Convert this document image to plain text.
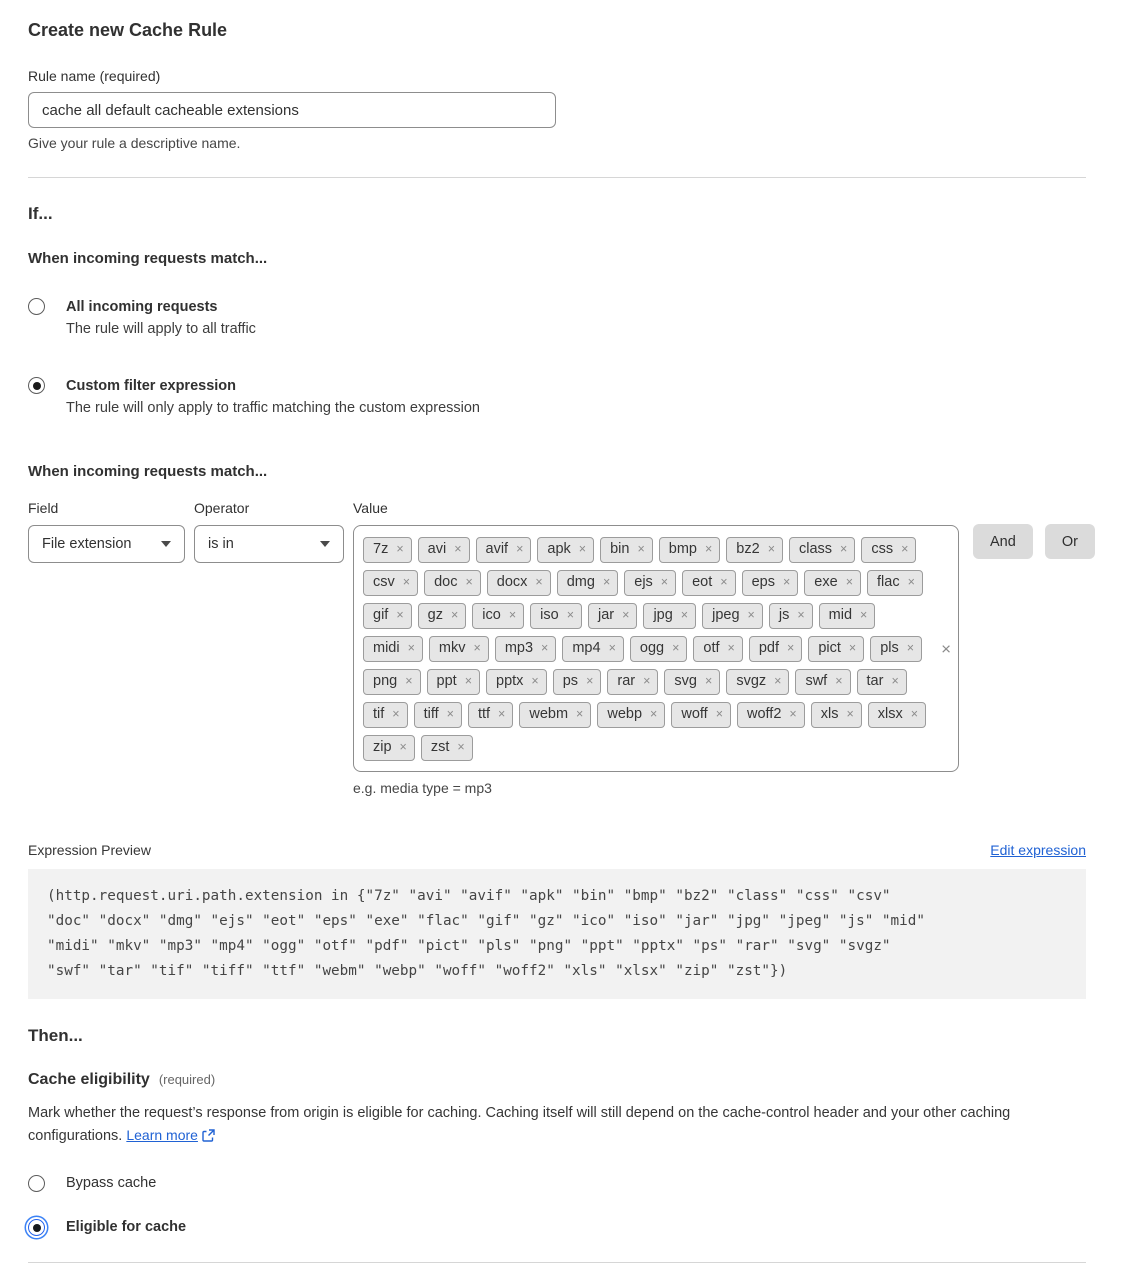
Create new Cache Rule
Rule name (required)
cache all default cacheable extensions
Give your rule a descriptive name.
If...
When incoming requests match...
All incoming requests
The rule will apply to all traffic
Custom filter expression
The rule will only apply to traffic matching the custom expression
When incoming requests match...
Field
File extension
Operator
is in
Value
7z × avi × avif × apk × bin × bmp × bz2 × class × css ×
csv × doc × docx × dmg × ejs × eot × eps × exe × flac ×
gif × gz × ico × iso × jar × jpg × jpeg × js × mid ×
midi × mkv × mp3 × mp4 × ogg × otf × pdf × pict × pls ×
png × ppt × pptx × ps × rar × svg × svgz × swf × tar ×
tif × tiff × ttf × webm × webp × woff × woff2 × xls × xlsx ×
zip × zst ×
×
e.g. media type = mp3
And	Or
Expression Preview	Edit expression
(http.request.uri.path.extension in {"7z" "avi" "avif" "apk" "bin" "bmp" "bz2" "class" "css" "csv"
"doc" "docx" "dmg" "ejs" "eot" "eps" "exe" "flac" "gif" "gz" "ico" "iso" "jar" "jpg" "jpeg" "js" "mid"
"midi" "mkv" "mp3" "mp4" "ogg" "otf" "pdf" "pict" "pls" "png" "ppt" "pptx" "ps" "rar" "svg" "svgz"
"swf" "tar" "tif" "tiff" "ttf" "webm" "webp" "woff" "woff2" "xls" "xlsx" "zip" "zst"})
Then...
Cache eligibility (required)

Mark whether the request’s response from origin is eligible for caching. Caching itself will still depend on the cache-control header and your other caching configurations. Learn more

Bypass cache
Eligible for cache
